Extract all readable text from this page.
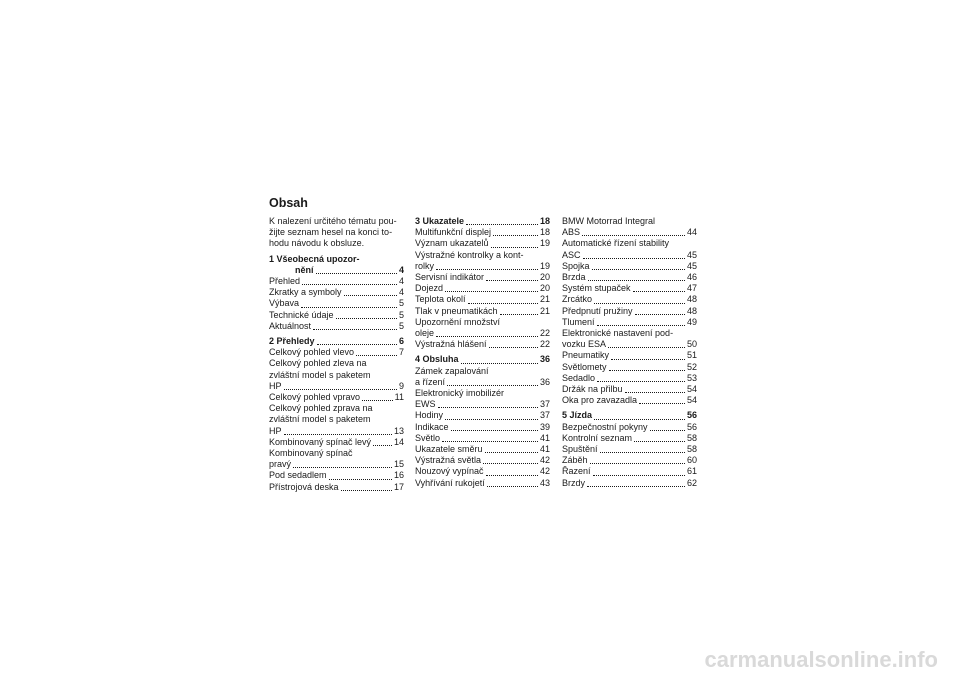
Obsah

K nalezení určitého tématu pou-
žijte seznam hesel na konci to-
hodu návodu k obsluze.

1 Všeobecná upozor-

nění	4
Přehled	4
Zkratky a symboly	4
Výbava	5
Technické údaje	5
Aktuálnost	5
2 Přehledy	6
Celkový pohled vlevo	7

Celkový pohled zleva na

zvláštní model s paketem

HP	9
Celkový pohled vpravo	11

Celkový pohled zprava na

zvláštní model s paketem

HP	13
Kombinovaný spínač levý	14

Kombinovaný spínač

pravý	15
Pod sedadlem	16
Přístrojová deska	17
3 Ukazatele	18
Multifunkční displej	18
Význam ukazatelů	19

Výstražné kontrolky a kont-

rolky	19
Servisní indikátor	20
Dojezd	20
Teplota okolí	21
Tlak v pneumatikách	21

Upozornění množství

oleje	22
Výstražná hlášení	22
4 Obsluha	36

Zámek zapalování

a řízení	36

Elektronický imobilizér

EWS	37
Hodiny	37
Indikace	39
Světlo	41
Ukazatele směru	41
Výstražná světla	42
Nouzový vypínač	42
Vyhřívání rukojetí	43

BMW Motorrad Integral

ABS	44

Automatické řízení stability

ASC	45
Spojka	45
Brzda	46
Systém stupaček	47
Zrcátko	48
Předpnutí pružiny	48
Tlumení	49

Elektronické nastavení pod-

vozku ESA	50
Pneumatiky	51
Světlomety	52
Sedadlo	53
Držák na přilbu	54
Oka pro zavazadla	54
5 Jízda	56
Bezpečnostní pokyny	56
Kontrolní seznam	58
Spuštění	58
Záběh	60
Řazení	61
Brzdy	62

carmanualsonline.info
